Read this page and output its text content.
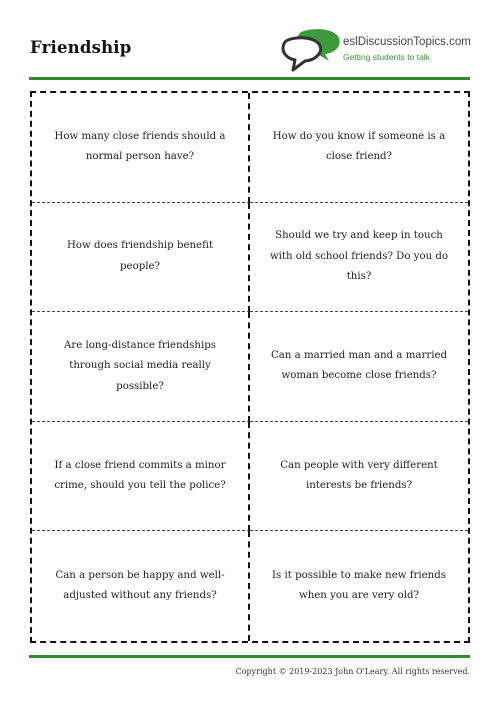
Friendship	eslDiscussionTopics.com
Getting students to talk
How many close friends should a normal person have?
How do you know if someone is a close friend?
How does friendship benefit people?
Should we try and keep in touch with old school friends? Do you do this?
Are long-distance friendships through social media really possible?
Can a married man and a married woman become close friends?
If a close friend commits a minor crime, should you tell the police?
Can people with very different interests be friends?
Can a person be happy and well-adjusted without any friends?
Is it possible to make new friends when you are very old?
Copyright © 2019-2023 John O'Leary. All rights reserved.
